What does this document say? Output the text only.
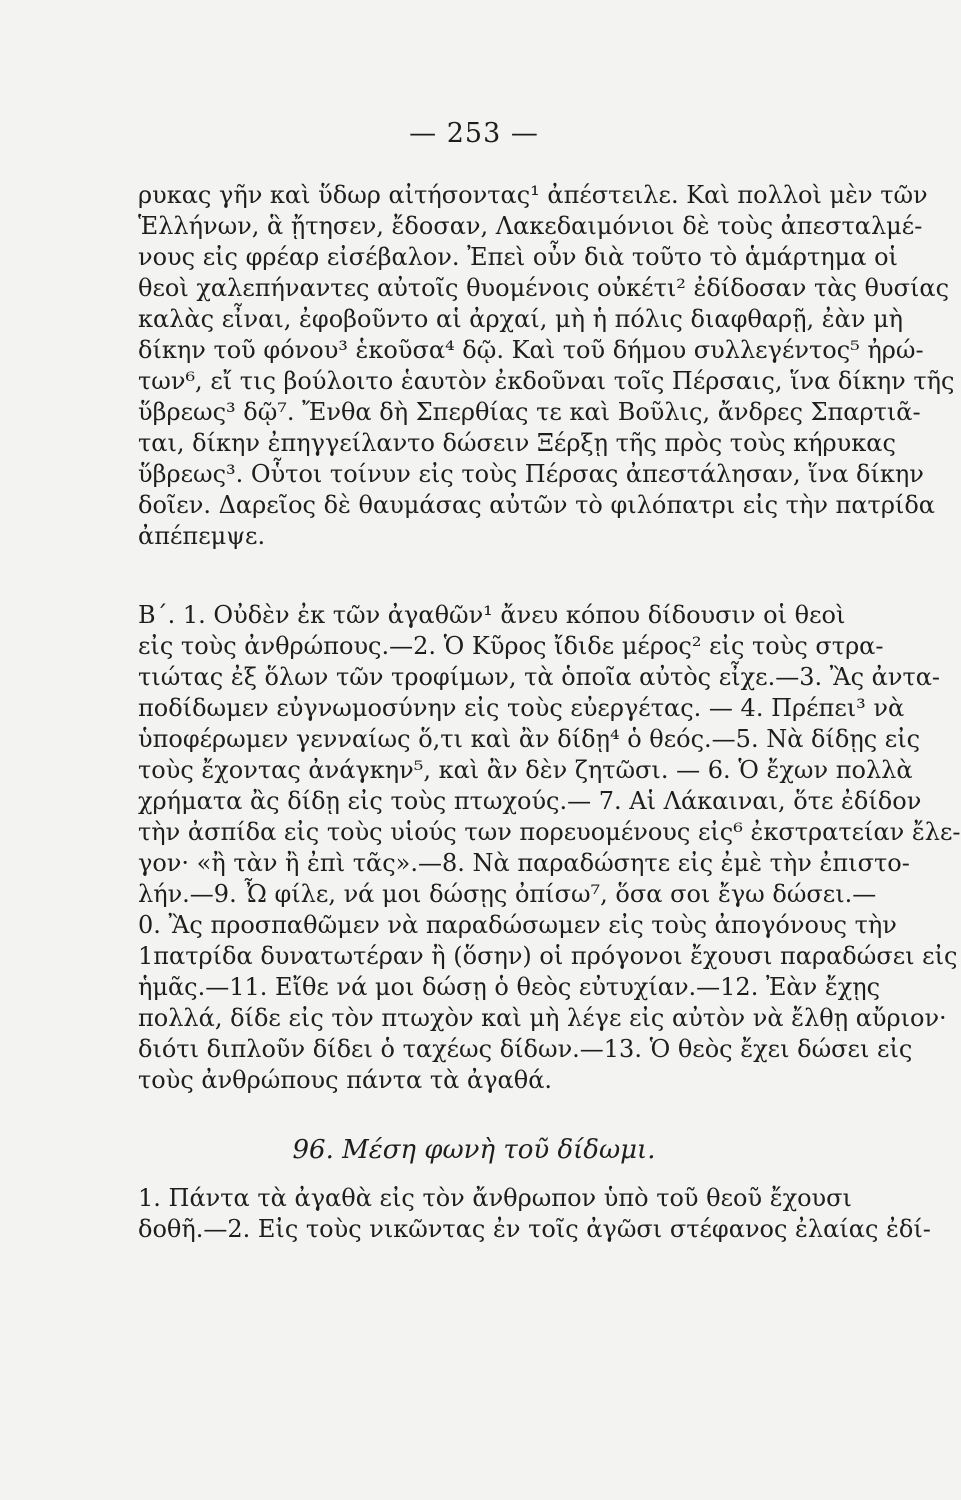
— 253 —
ρυκας γῆν καὶ ὕδωρ αἰτήσοντας¹ ἀπέστειλε. Καὶ πολλοὶ μὲν τῶν
Ἑλλήνων, ἃ ᾔτησεν, ἔδοσαν, Λακεδαιμόνιοι δὲ τοὺς ἀπεσταλμέ-
νους εἰς φρέαρ εἰσέβαλον. Ἐπεὶ οὖν διὰ τοῦτο τὸ ἁμάρτημα οἱ
θεοὶ χαλεπήναντες αὐτοῖς θυομένοις οὐκέτι² ἐδίδοσαν τὰς θυσίας
καλὰς εἶναι, ἐφοβοῦντο αἱ ἀρχαί, μὴ ἡ πόλις διαφθαρῇ, ἐὰν μὴ
δίκην τοῦ φόνου³ ἑκοῦσα⁴ δῷ. Καὶ τοῦ δήμου συλλεγέντος⁵ ἠρώ-
των⁶, εἴ τις βούλοιτο ἑαυτὸν ἐκδοῦναι τοῖς Πέρσαις, ἵνα δίκην τῆς
ὕβρεως³ δῷ⁷. Ἔνθα δὴ Σπερθίας τε καὶ Βοῦλις, ἄνδρες Σπαρτιᾶ-
ται, δίκην ἐπηγγείλαντο δώσειν Ξέρξῃ τῆς πρὸς τοὺς κήρυκας
ὕβρεως³. Οὗτοι τοίνυν εἰς τοὺς Πέρσας ἀπεστάλησαν, ἵνα δίκην
δοῖεν. Δαρεῖος δὲ θαυμάσας αὐτῶν τὸ φιλόπατρι εἰς τὴν πατρίδα
ἀπέπεμψε.
Β΄. 1. Οὐδὲν ἐκ τῶν ἀγαθῶν¹ ἄνευ κόπου δίδουσιν οἱ θεοὶ
εἰς τοὺς ἀνθρώπους.—2. Ὁ Κῦρος ἴδιδε μέρος² εἰς τοὺς στρα-
τιώτας ἐξ ὅλων τῶν τροφίμων, τὰ ὁποῖα αὐτὸς εἶχε.—3. Ἂς ἀντα-
ποδίδωμεν εὐγνωμοσύνην εἰς τοὺς εὐεργέτας. — 4. Πρέπει³ νὰ
ὑποφέρωμεν γενναίως ὅ,τι καὶ ἂν δίδῃ⁴ ὁ θεός.—5. Νὰ δίδῃς εἰς
τοὺς ἔχοντας ἀνάγκην⁵, καὶ ἂν δὲν ζητῶσι. — 6. Ὁ ἔχων πολλὰ
χρήματα ἂς δίδῃ εἰς τοὺς πτωχούς.— 7. Αἱ Λάκαιναι, ὅτε ἐδίδον
τὴν ἀσπίδα εἰς τοὺς υἱούς των πορευομένους εἰς⁶ ἐκστρατείαν ἔλε-
γον· «ἢ τὰν ἢ ἐπὶ τᾶς».—8. Νὰ παραδώσητε εἰς ἐμὲ τὴν ἐπιστο-
λήν.—9. Ὦ φίλε, νά μοι δώσῃς ὀπίσω⁷, ὅσα σοι ἔγω δώσει.—
0. Ἂς προσπαθῶμεν νὰ παραδώσωμεν εἰς τοὺς ἀπογόνους τὴν
1πατρίδα δυνατωτέραν ἢ (ὅσην) οἱ πρόγονοι ἔχουσι παραδώσει εἰς
ἡμᾶς.—11. Εἴθε νά μοι δώσῃ ὁ θεὸς εὐτυχίαν.—12. Ἐὰν ἔχῃς
πολλά, δίδε εἰς τὸν πτωχὸν καὶ μὴ λέγε εἰς αὐτὸν νὰ ἔλθῃ αὔριον·
διότι διπλοῦν δίδει ὁ ταχέως δίδων.—13. Ὁ θεὸς ἔχει δώσει εἰς
τοὺς ἀνθρώπους πάντα τὰ ἀγαθά.
96. Μέση φωνὴ τοῦ δίδωμι.
1. Πάντα τὰ ἀγαθὰ εἰς τὸν ἄνθρωπον ὑπὸ τοῦ θεοῦ ἔχουσι
δοθῆ.—2. Εἰς τοὺς νικῶντας ἐν τοῖς ἀγῶσι στέφανος ἐλαίας ἐδί-
